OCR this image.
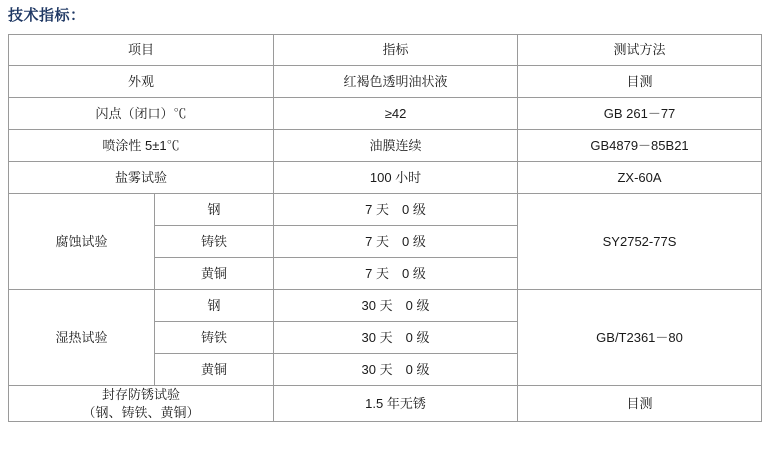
技术指标：
项目		指标	测试方法
外观		红褐色透明油状液	目测
闪点（闭口）℃		≥42	GB 261－77
喷涂性 5±1℃		油膜连续	GB4879－85B21
盐雾试验		100 小时	ZX-60A
腐蚀试验	钢	7 天　0 级	SY2752-77S
	铸铁	7 天　0 级	
	黄铜	7 天　0 级	
湿热试验	钢	30 天　0 级	GB/T2361－80
	铸铁	30 天　0 级	
	黄铜	30 天　0 级	

封存防锈试验
（钢、铸铁、黄铜）		1.5 年无锈	目测
